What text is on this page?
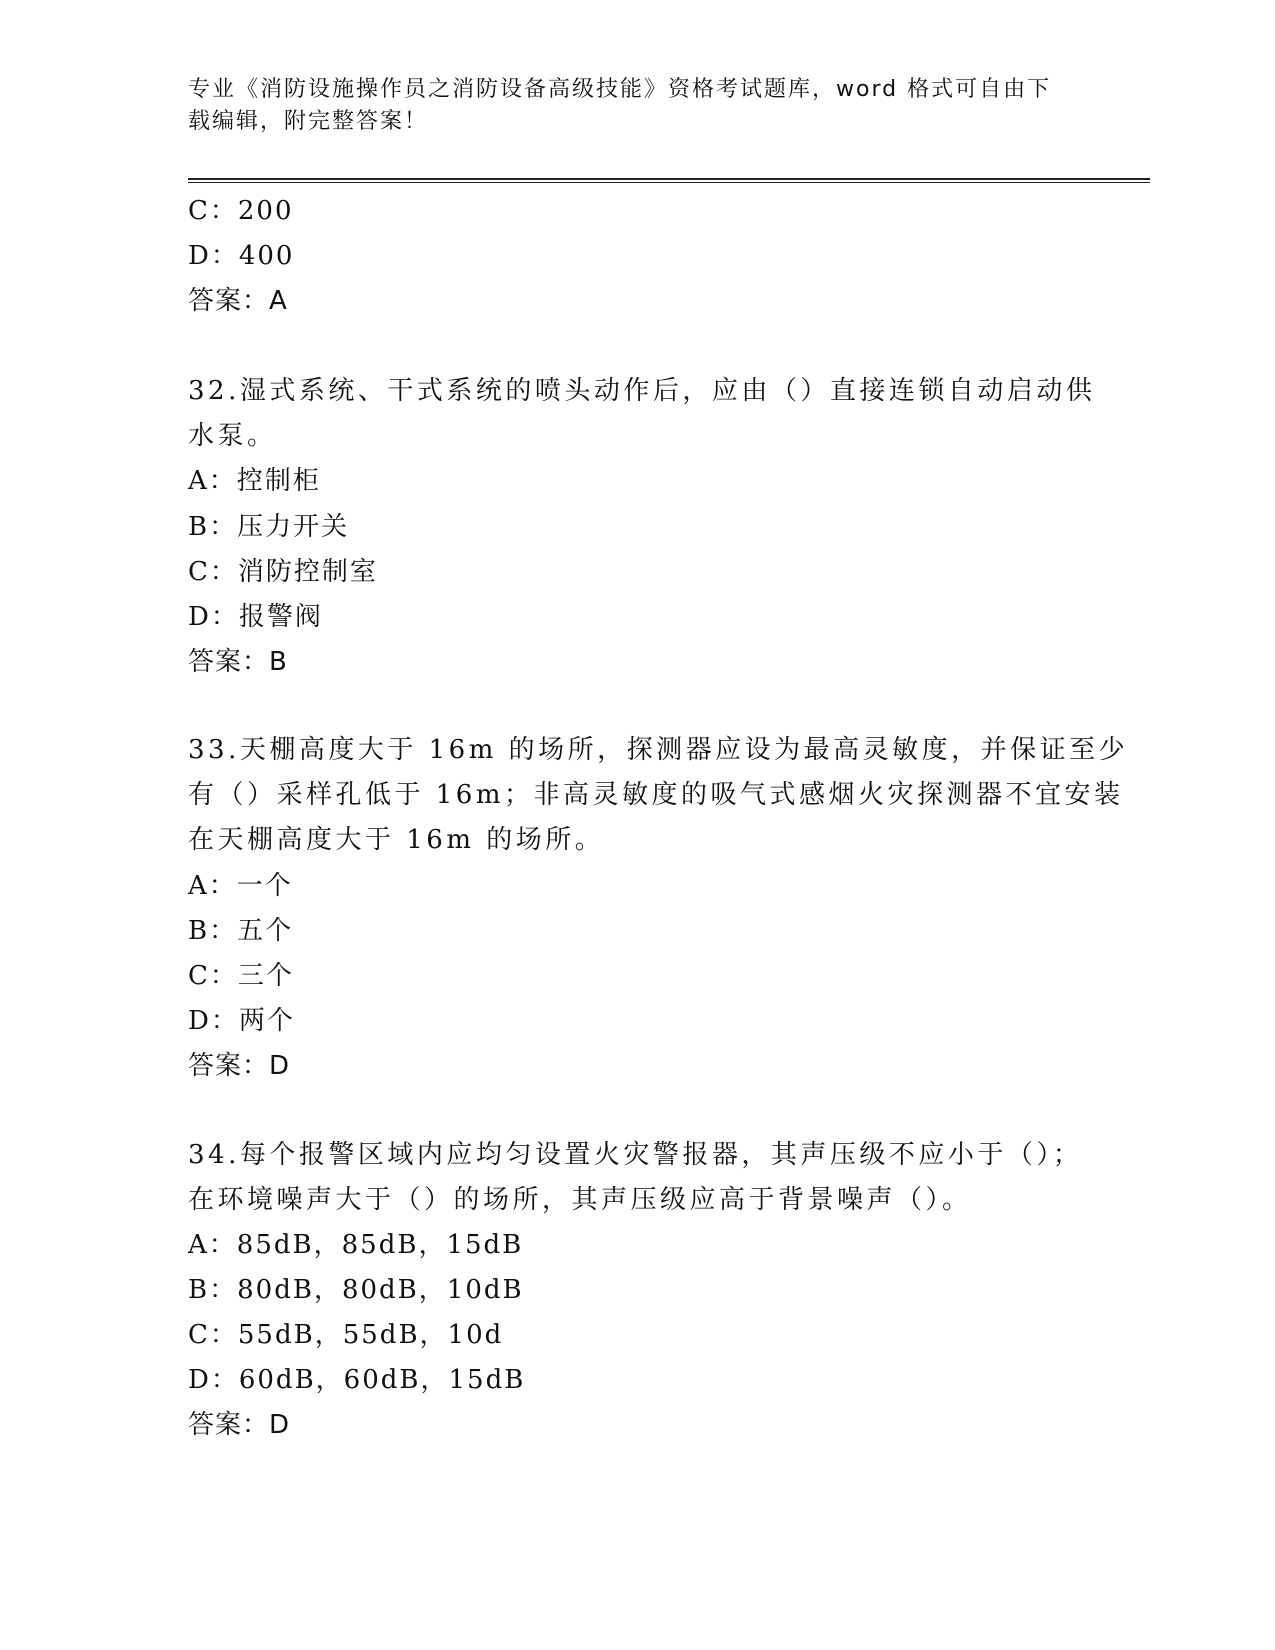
专业《消防设施操作员之消防设备高级技能》资格考试题库，word 格式可自由下
载编辑，附完整答案！
C：200
D：400
答案：A
32.湿式系统、干式系统的喷头动作后，应由（）直接连锁自动启动供
水泵。
A：控制柜
B：压力开关
C：消防控制室
D：报警阀
答案：B
33.天棚高度大于 16m 的场所，探测器应设为最高灵敏度，并保证至少
有（）采样孔低于 16m；非高灵敏度的吸气式感烟火灾探测器不宜安装
在天棚高度大于 16m 的场所。
A：一个
B：五个
C：三个
D：两个
答案：D
34.每个报警区域内应均匀设置火灾警报器，其声压级不应小于（）；
在环境噪声大于（）的场所，其声压级应高于背景噪声（）。
A：85dB，85dB，15dB
B：80dB，80dB，10dB
C：55dB，55dB，10d
D：60dB，60dB，15dB
答案：D
